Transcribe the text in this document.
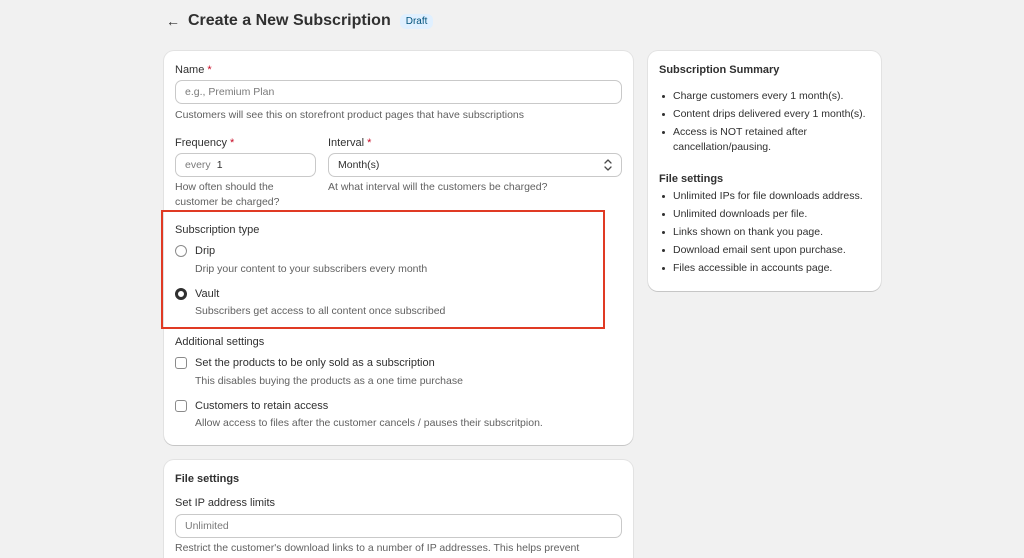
← Create a New Subscription	Draft
Name *
e.g., Premium Plan
Customers will see this on storefront product pages that have subscriptions
Frequency *
every 1
How often should the customer be charged?
Interval *
Month(s)
At what interval will the customers be charged?
Subscription type
Drip
Drip your content to your subscribers every month
Vault
Subscribers get access to all content once subscribed
Additional settings
Set the products to be only sold as a subscription
This disables buying the products as a one time purchase
Customers to retain access
Allow access to files after the customer cancels / pauses their subscritpion.
File settings
Set IP address limits
Unlimited
Restrict the customer's download links to a number of IP addresses. This helps prevent
Subscription Summary
Charge customers every 1 month(s).
Content drips delivered every 1 month(s).
Access is NOT retained after cancellation/pausing.
File settings
Unlimited IPs for file downloads address.
Unlimited downloads per file.
Links shown on thank you page.
Download email sent upon purchase.
Files accessible in accounts page.
